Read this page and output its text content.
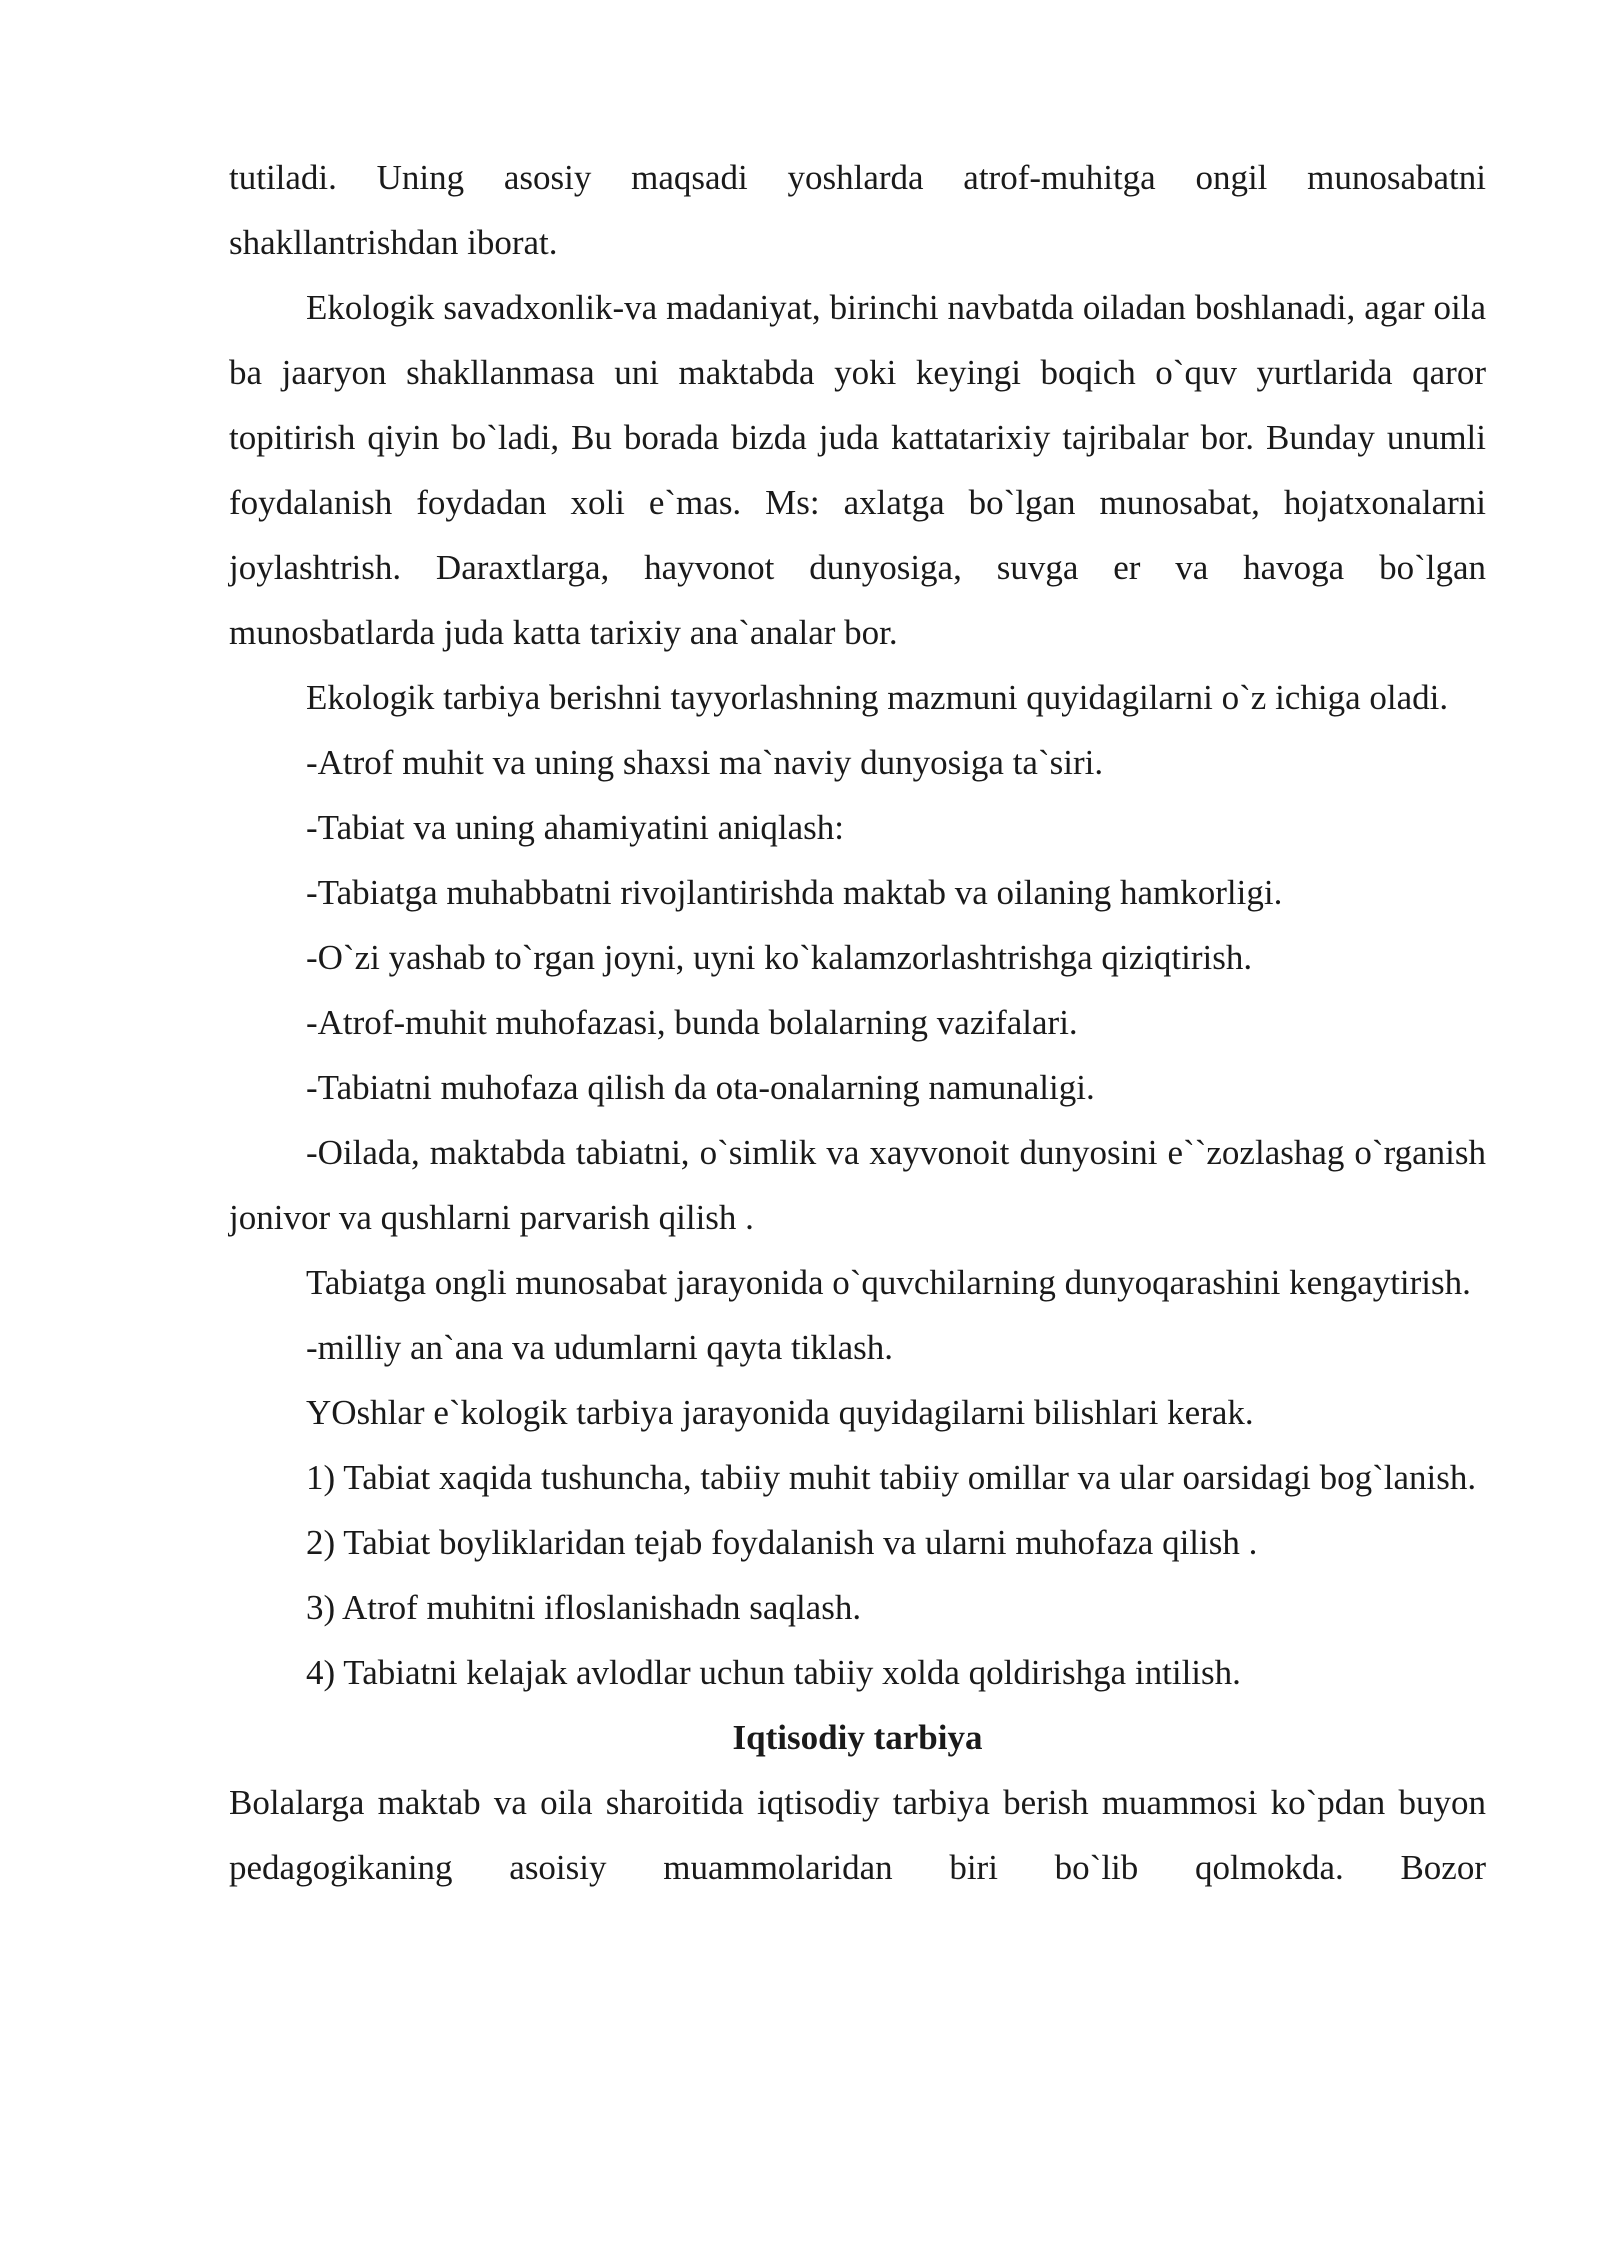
tutiladi. Uning asosiy maqsadi yoshlarda atrof-muhitga ongil munosabatni shakllantrishdan iborat.

Ekologik savadxonlik-va madaniyat, birinchi navbatda oiladan boshlanadi, agar oila ba jaaryon shakllanmasa uni maktabda yoki keyingi boqich o`quv yurtlarida qaror topitirish qiyin bo`ladi, Bu borada bizda juda kattatarixiy tajribalar bor. Bunday unumli foydalanish foydadan xoli e`mas. Ms: axlatga bo`lgan munosabat, hojatxonalarni joylashtrish. Daraxtlarga, hayvonot dunyosiga, suvga er va havoga bo`lgan munosbatlarda juda katta tarixiy ana`analar bor.

Ekologik tarbiya berishni tayyorlashning mazmuni quyidagilarni o`z ichiga oladi.

-Atrof muhit va uning shaxsi ma`naviy dunyosiga ta`siri.

-Tabiat va uning ahamiyatini aniqlash:

-Tabiatga muhabbatni rivojlantirishda maktab va oilaning hamkorligi.

-O`zi yashab to`rgan joyni, uyni ko`kalamzorlashtrishga qiziqtirish.

-Atrof-muhit muhofazasi, bunda bolalarning vazifalari.

-Tabiatni muhofaza qilish da ota-onalarning namunaligi.

-Oilada, maktabda tabiatni, o`simlik va xayvonoit dunyosini e``zozlashag o`rganish jonivor va qushlarni parvarish qilish .

Tabiatga ongli munosabat jarayonida o`quvchilarning dunyoqarashini kengaytirish.

-milliy an`ana va udumlarni qayta tiklash.

YOshlar e`kologik tarbiya jarayonida quyidagilarni bilishlari kerak.

1) Tabiat xaqida tushuncha, tabiiy muhit tabiiy omillar va ular oarsidagi bog`lanish.

2) Tabiat boyliklaridan tejab foydalanish va ularni muhofaza qilish .

3) Atrof muhitni ifloslanishadn saqlash.

4) Tabiatni kelajak avlodlar uchun tabiiy xolda qoldirishga intilish.

Iqtisodiy tarbiya

Bolalarga maktab va oila sharoitida iqtisodiy tarbiya berish muammosi ko`pdan buyon pedagogikaning asoisiy muammolaridan biri bo`lib qolmokda. Bozor
